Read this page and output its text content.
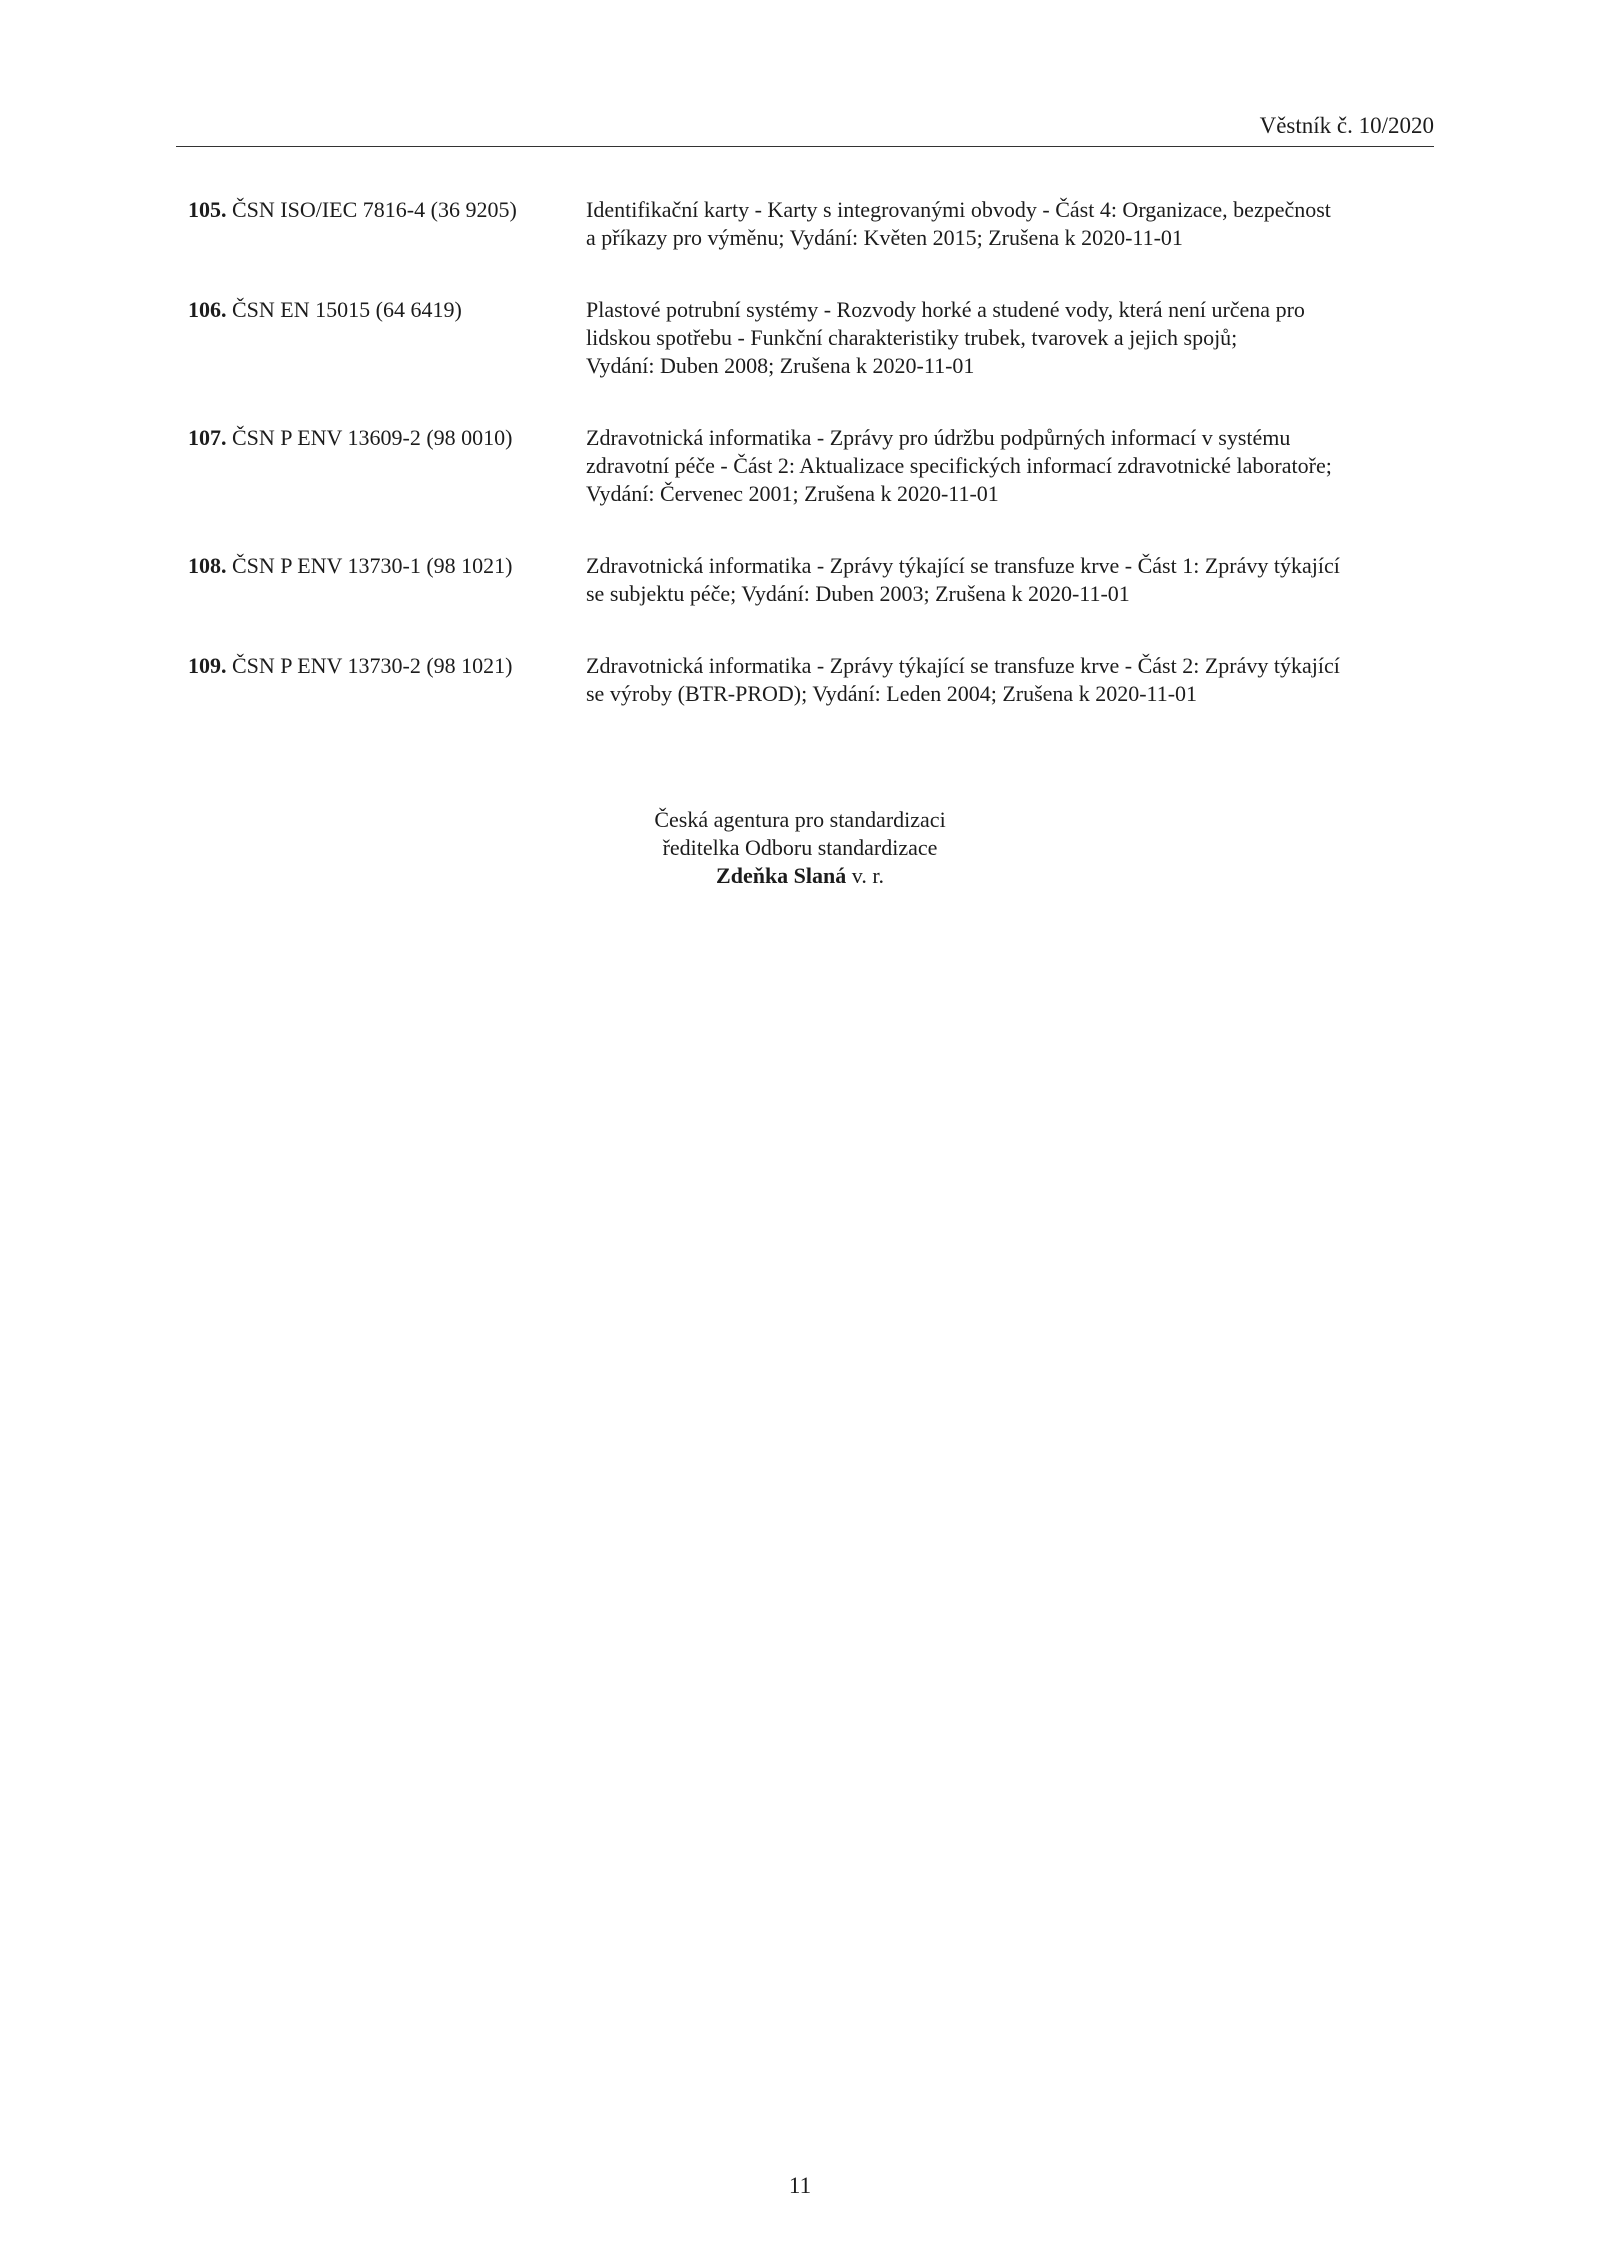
Věstník č. 10/2020
105. ČSN ISO/IEC 7816-4 (36 9205)	Identifikační karty - Karty s integrovanými obvody - Část 4: Organizace, bezpečnost
a příkazy pro výměnu; Vydání: Květen 2015; Zrušena k 2020-11-01
106. ČSN EN 15015 (64 6419)	Plastové potrubní systémy - Rozvody horké a studené vody, která není určena pro
lidskou spotřebu - Funkční charakteristiky trubek, tvarovek a jejich spojů;
Vydání: Duben 2008; Zrušena k 2020-11-01
107. ČSN P ENV 13609-2 (98 0010)	Zdravotnická informatika - Zprávy pro údržbu podpůrných informací v systému
zdravotní péče - Část 2: Aktualizace specifických informací zdravotnické laboratoře;
Vydání: Červenec 2001; Zrušena k 2020-11-01
108. ČSN P ENV 13730-1 (98 1021)	Zdravotnická informatika - Zprávy týkající se transfuze krve - Část 1: Zprávy týkající
se subjektu péče; Vydání: Duben 2003; Zrušena k 2020-11-01
109. ČSN P ENV 13730-2 (98 1021)	Zdravotnická informatika - Zprávy týkající se transfuze krve - Část 2: Zprávy týkající
se výroby (BTR-PROD); Vydání: Leden 2004; Zrušena k 2020-11-01
Česká agentura pro standardizaci
ředitelka Odboru standardizace
Zdeňka Slaná v. r.
11
